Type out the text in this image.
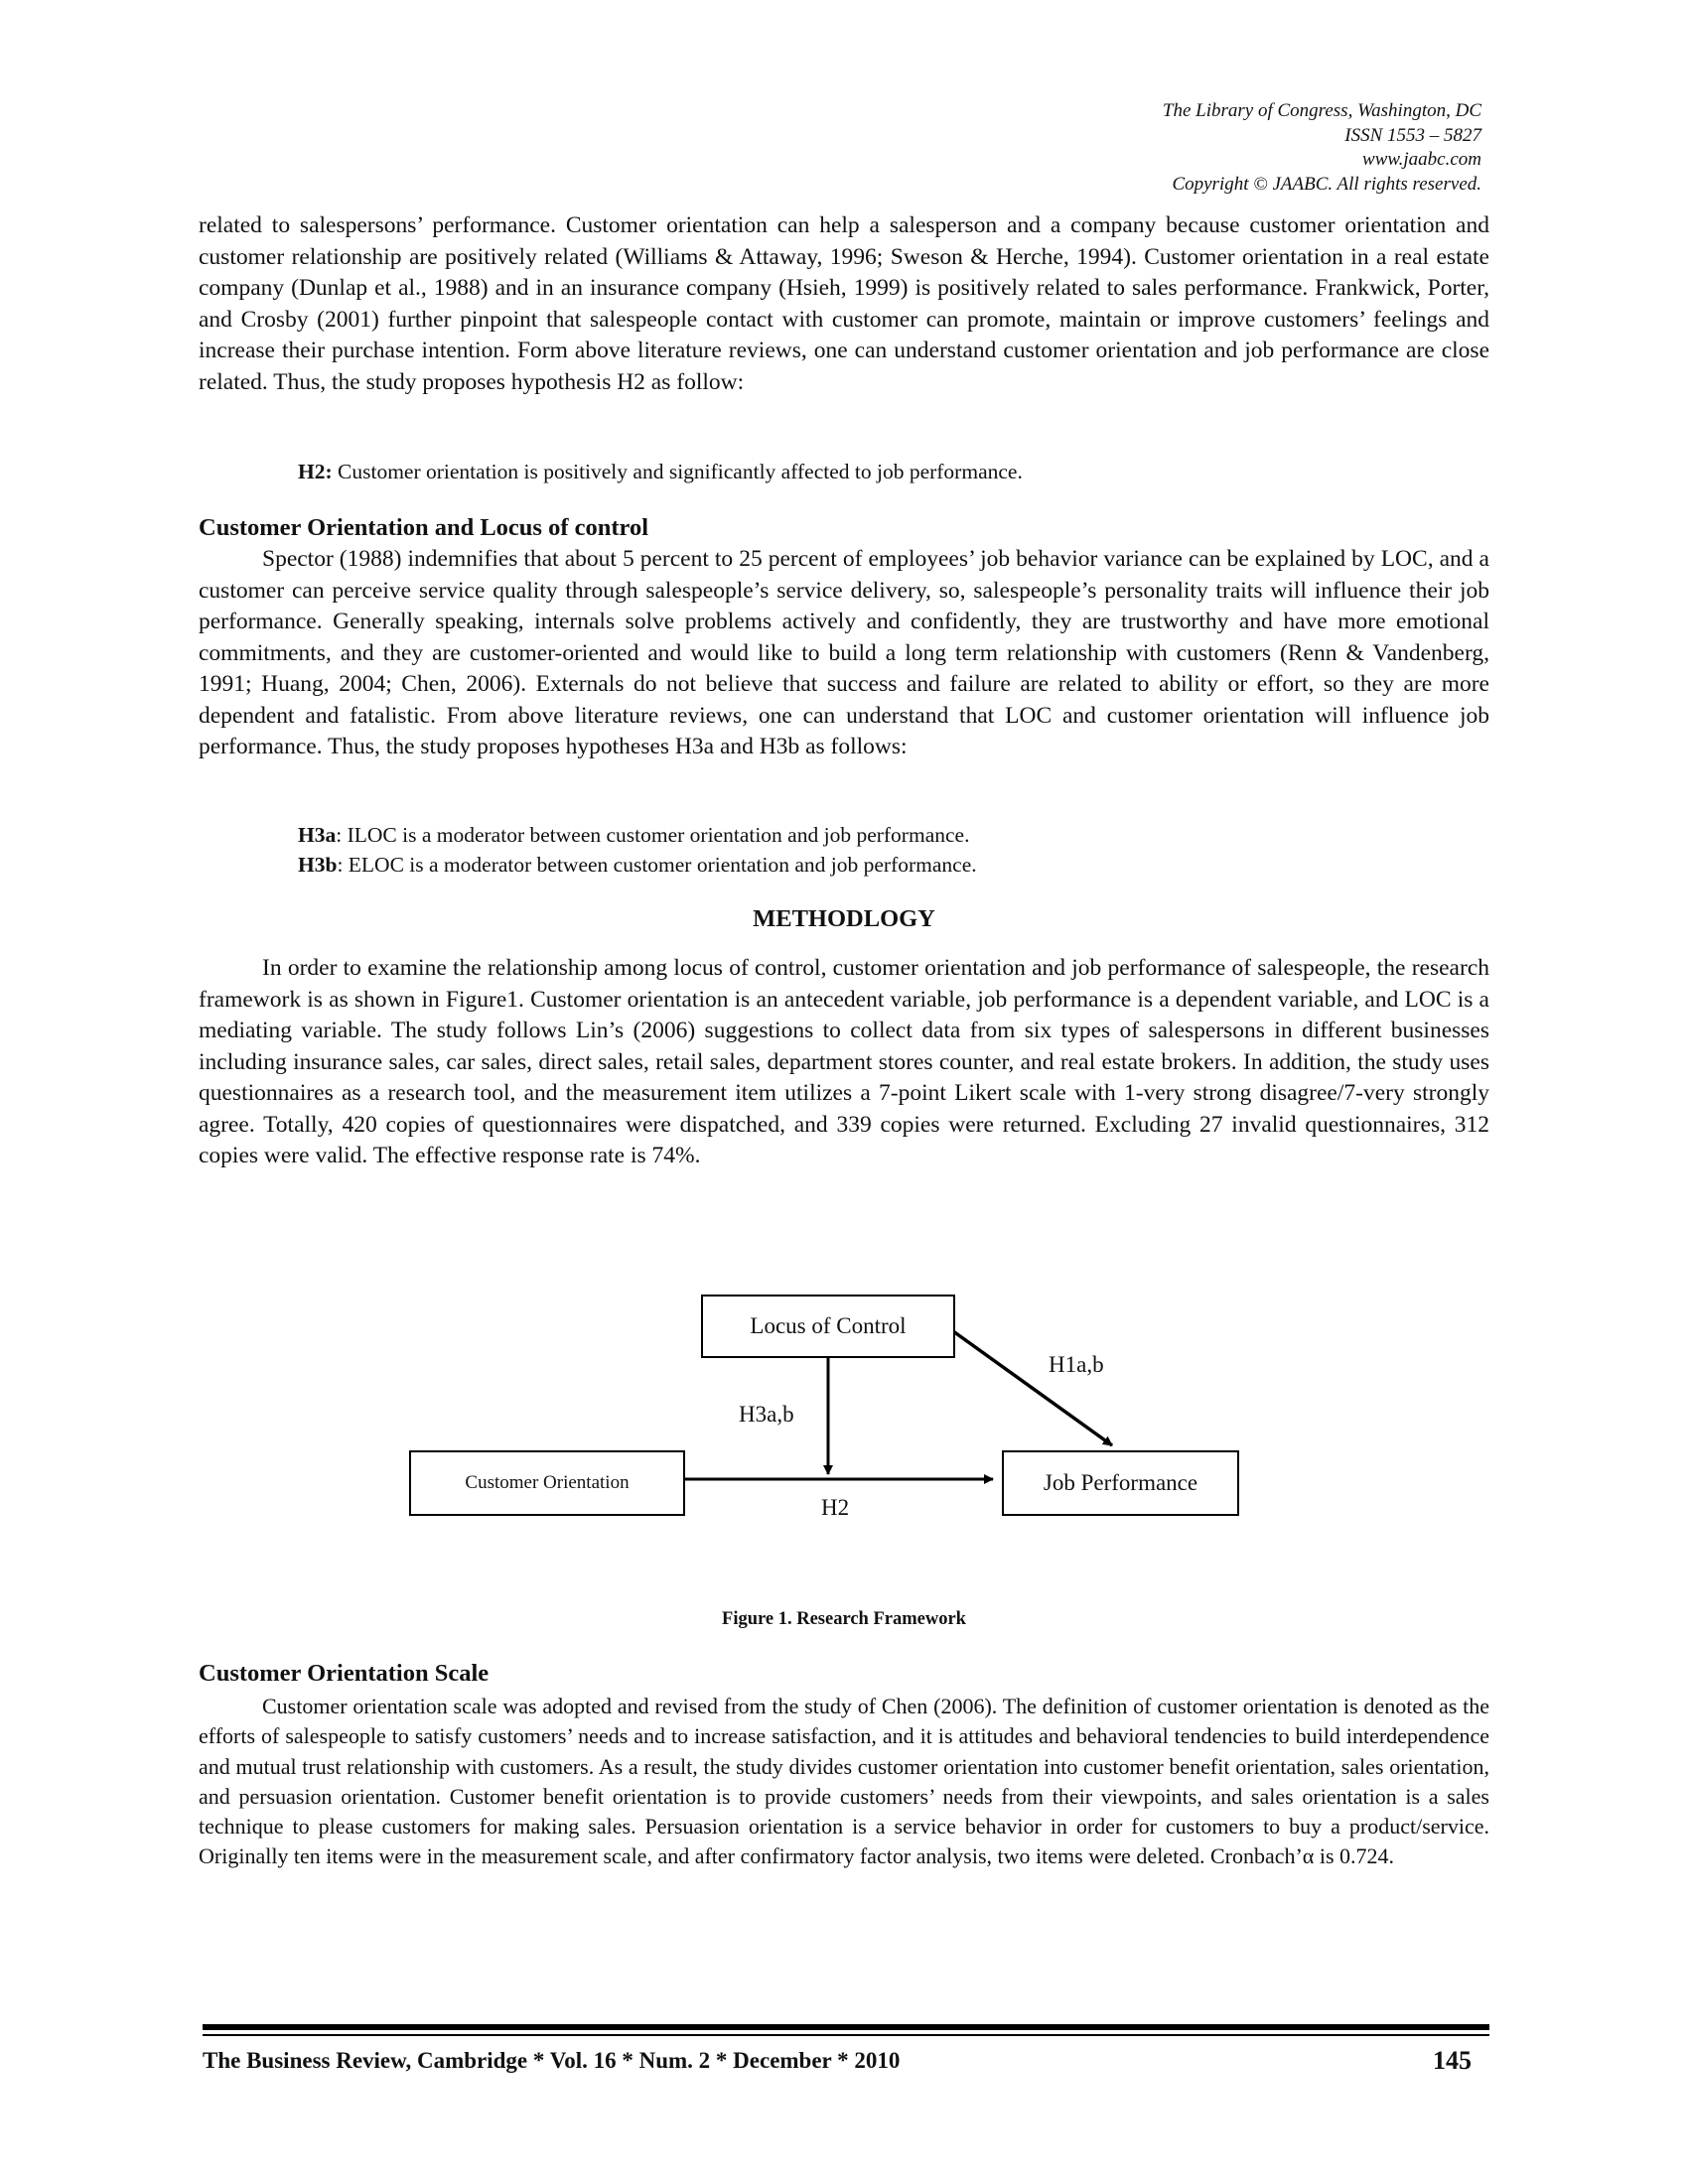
The Library of Congress, Washington, DC
ISSN 1553 – 5827
www.jaabc.com
Copyright © JAABC. All rights reserved.
related to salespersons’ performance. Customer orientation can help a salesperson and a company because customer orientation and customer relationship are positively related (Williams & Attaway, 1996; Sweson & Herche, 1994). Customer orientation in a real estate company (Dunlap et al., 1988) and in an insurance company (Hsieh, 1999) is positively related to sales performance. Frankwick, Porter, and Crosby (2001) further pinpoint that salespeople contact with customer can promote, maintain or improve customers’ feelings and increase their purchase intention. Form above literature reviews, one can understand customer orientation and job performance are close related. Thus, the study proposes hypothesis H2 as follow:
H2: Customer orientation is positively and significantly affected to job performance.
Customer Orientation and Locus of control
Spector (1988) indemnifies that about 5 percent to 25 percent of employees’ job behavior variance can be explained by LOC, and a customer can perceive service quality through salespeople’s service delivery, so, salespeople’s personality traits will influence their job performance. Generally speaking, internals solve problems actively and confidently, they are trustworthy and have more emotional commitments, and they are customer-oriented and would like to build a long term relationship with customers (Renn & Vandenberg, 1991; Huang, 2004; Chen, 2006). Externals do not believe that success and failure are related to ability or effort, so they are more dependent and fatalistic. From above literature reviews, one can understand that LOC and customer orientation will influence job performance. Thus, the study proposes hypotheses H3a and H3b as follows:
H3a: ILOC is a moderator between customer orientation and job performance.
H3b: ELOC is a moderator between customer orientation and job performance.
METHODLOGY
In order to examine the relationship among locus of control, customer orientation and job performance of salespeople, the research framework is as shown in Figure1. Customer orientation is an antecedent variable, job performance is a dependent variable, and LOC is a mediating variable. The study follows Lin’s (2006) suggestions to collect data from six types of salespersons in different businesses including insurance sales, car sales, direct sales, retail sales, department stores counter, and real estate brokers. In addition, the study uses questionnaires as a research tool, and the measurement item utilizes a 7-point Likert scale with 1-very strong disagree/7-very strongly agree. Totally, 420 copies of questionnaires were dispatched, and 339 copies were returned. Excluding 27 invalid questionnaires, 312 copies were valid. The effective response rate is 74%.
Locus of Control
Customer Orientation	Job Performance
H1a,b
H3a,b
H2
Figure 1. Research Framework
Customer Orientation Scale
Customer orientation scale was adopted and revised from the study of Chen (2006). The definition of customer orientation is denoted as the efforts of salespeople to satisfy customers’ needs and to increase satisfaction, and it is attitudes and behavioral tendencies to build interdependence and mutual trust relationship with customers. As a result, the study divides customer orientation into customer benefit orientation, sales orientation, and persuasion orientation. Customer benefit orientation is to provide customers’ needs from their viewpoints, and sales orientation is a sales technique to please customers for making sales. Persuasion orientation is a service behavior in order for customers to buy a product/service. Originally ten items were in the measurement scale, and after confirmatory factor analysis, two items were deleted. Cronbach’α is 0.724.
The Business Review, Cambridge * Vol. 16 * Num. 2 * December * 2010	145
